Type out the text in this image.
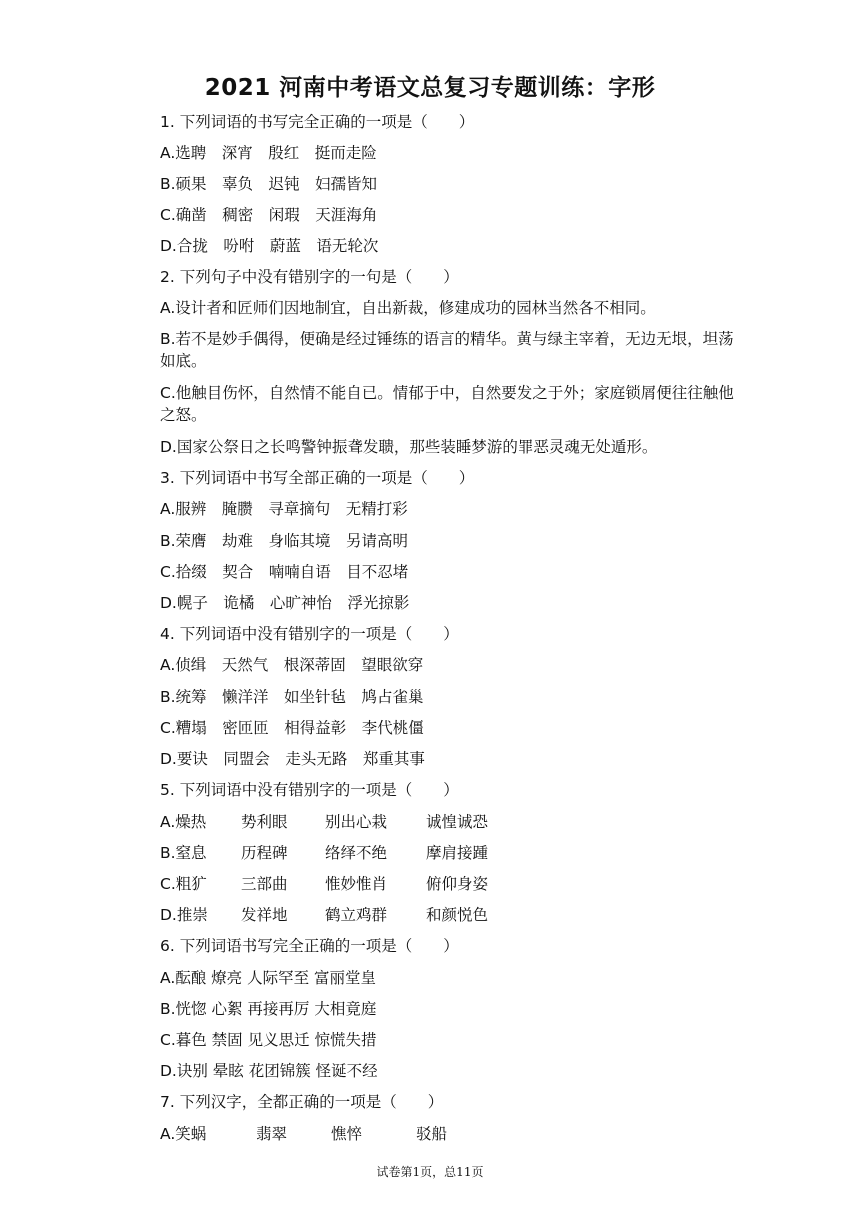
2021 河南中考语文总复习专题训练：字形
1. 下列词语的书写完全正确的一项是（　　）
A.选聘　深宵　殷红　挺而走险
B.硕果　辜负　迟钝　妇孺皆知
C.确凿　稠密　闲瑕　天涯海角
D.合拢　吩咐　蔚蓝　语无轮次
2. 下列句子中没有错别字的一句是（　　）
A.设计者和匠师们因地制宜，自出新裁，修建成功的园林当然各不相同。
B.若不是妙手偶得，便确是经过锤练的语言的精华。黄与绿主宰着，无边无垠，坦荡如底。
C.他触目伤怀，自然情不能自已。情郁于中，自然要发之于外；家庭锁屑便往往触他之怒。
D.国家公祭日之长鸣警钟振聋发聩，那些装睡梦游的罪恶灵魂无处遁形。
3. 下列词语中书写全部正确的一项是（　　）
A.服辨　腌臜　寻章摘句　无精打彩
B.荣膺　劫难　身临其境　另请高明
C.拾缀　契合　喃喃自语　目不忍堵
D.幌子　诡橘　心旷神怡　浮光掠影
4. 下列词语中没有错别字的一项是（　　）
A.侦缉　天然气　根深蒂固　望眼欲穿
B.统筹　懒洋洋　如坐针毡　鸠占雀巢
C.糟塌　密匝匝　相得益彰　李代桃僵
D.要诀　同盟会　走头无路　郑重其事
5. 下列词语中没有错别字的一项是（　　）
A.燥热 势利眼 别出心栽	诚惶诚恐
B.窒息 历程碑 络绎不绝	摩肩接踵
C.粗犷 三部曲 惟妙惟肖	俯仰身姿
D.推崇 发祥地 鹤立鸡群	和颜悦色
6. 下列词语书写完全正确的一项是（　　）
A.酝酿 燎亮 人际罕至 富丽堂皇
B.恍惚 心絮 再接再厉 大相竟庭
C.暮色 禁固 见义思迁 惊慌失措
D.诀别 晕眩 花团锦簇 怪诞不经
7. 下列汉字，全都正确的一项是（　　）
A.笑蜗	翡翠	憔悴	驳船
试卷第1页，总11页
